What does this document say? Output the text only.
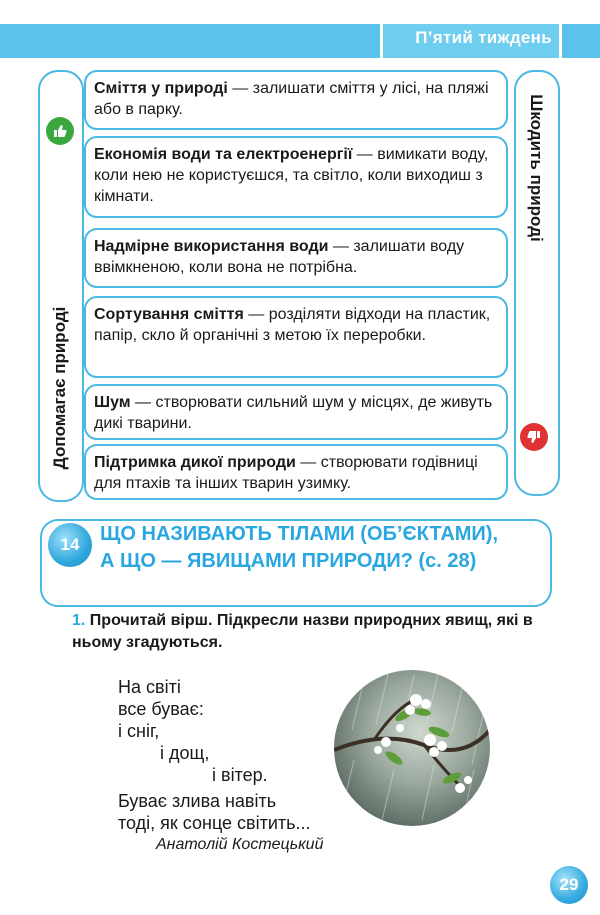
П’ятий тиждень
Допомагає природі
Шкодить природі
Сміття у природі — залишати сміття у лісі, на пляжі або в парку.
Економія води та електроенергії — вимикати воду, коли нею не користуєшся, та світло, коли виходиш з кімнати.
Надмірне використання води — залишати воду ввімкненою, коли вона не потрібна.
Сортування сміття — розділяти відходи на пластик, папір, скло й органічні з метою їх переробки.
Шум — створювати сильний шум у місцях, де живуть дикі тварини.
Підтримка дикої природи — створювати годівниці для птахів та інших тварин узимку.
14	ЩО НАЗИВАЮТЬ ТІЛАМИ (ОБ’ЄКТАМИ), А ЩО — ЯВИЩАМИ ПРИРОДИ? (с. 28)
1. Прочитай вірш. Підкресли назви природних явищ, які в ньому згадуються.
На світі
все буває:
і сніг,
і дощ,
і вітер.
Буває злива навіть
тоді, як сонце світить...
Анатолій Костецький
29
